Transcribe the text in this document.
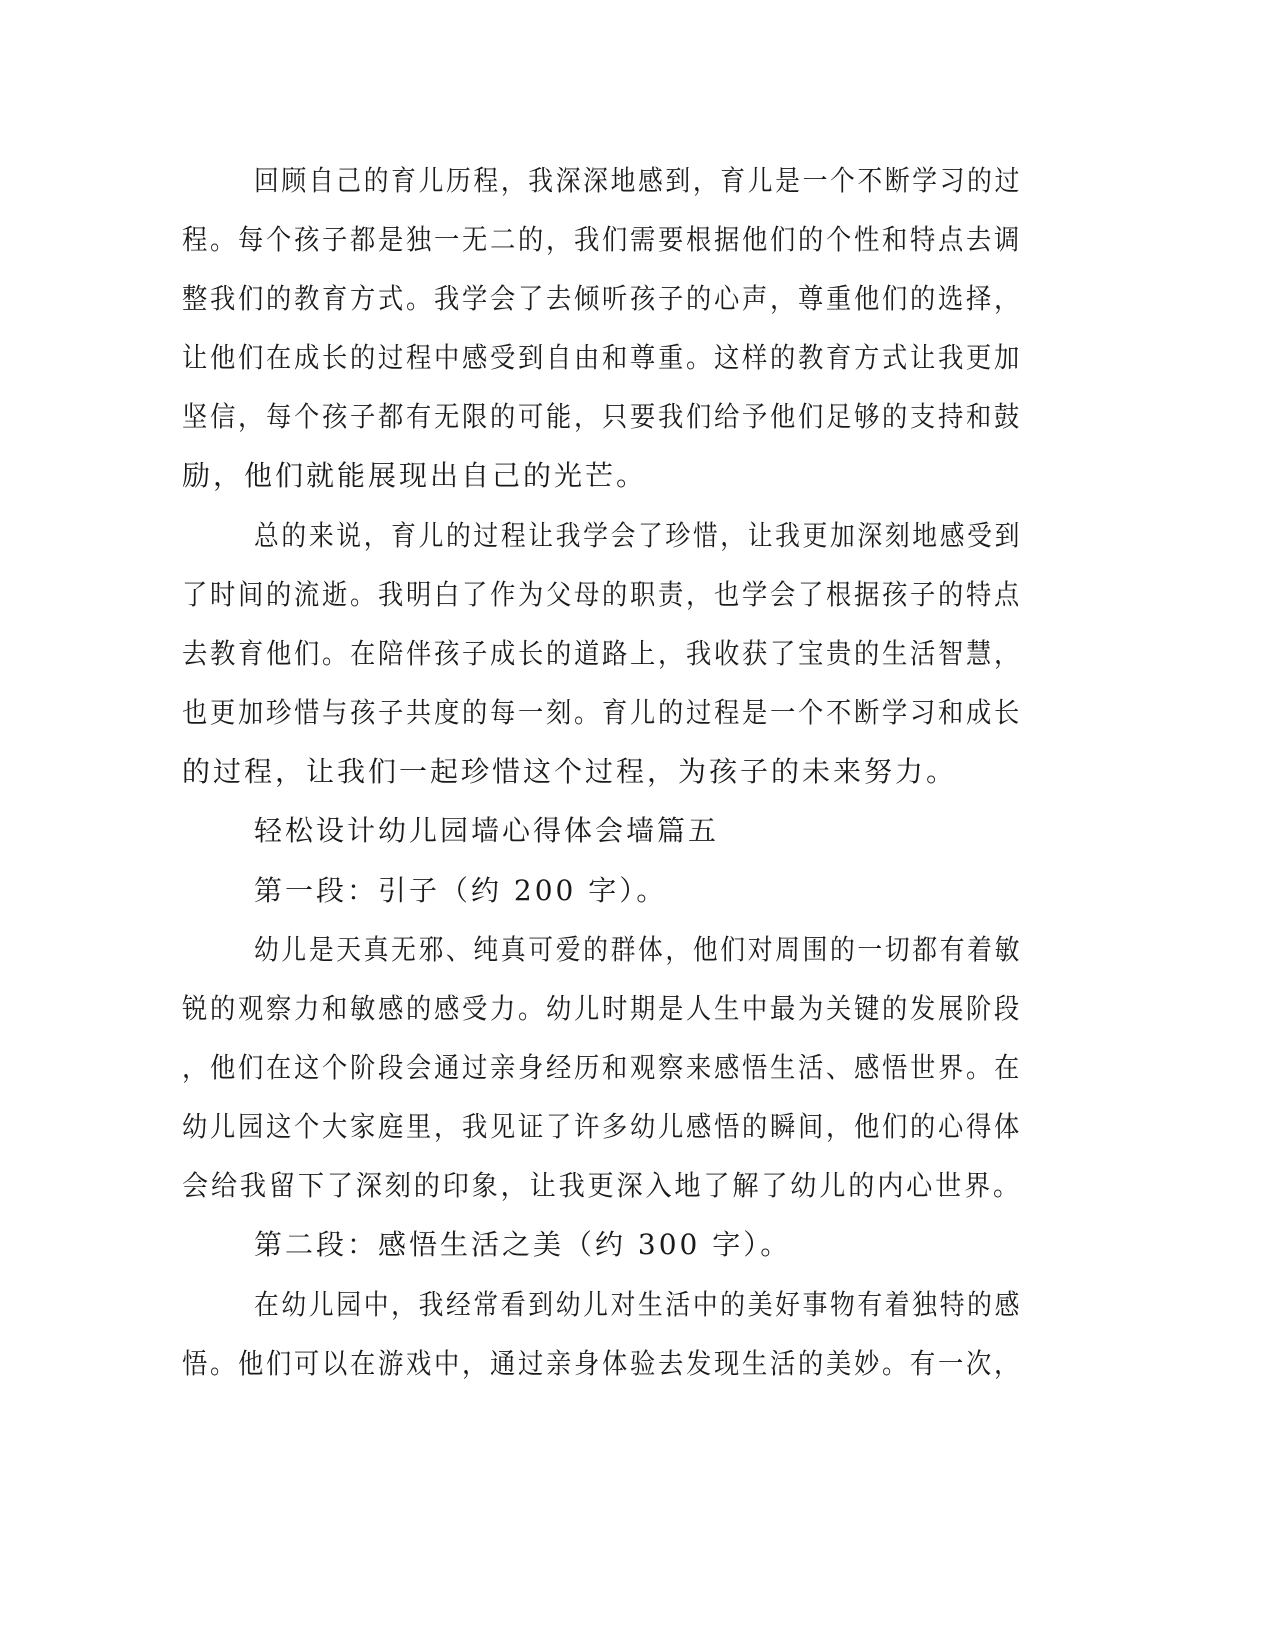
回顾自己的育儿历程，我深深地感到，育儿是一个不断学习的过
程。每个孩子都是独一无二的，我们需要根据他们的个性和特点去调
整我们的教育方式。我学会了去倾听孩子的心声，尊重他们的选择，
让他们在成长的过程中感受到自由和尊重。这样的教育方式让我更加
坚信，每个孩子都有无限的可能，只要我们给予他们足够的支持和鼓
励，他们就能展现出自己的光芒。
总的来说，育儿的过程让我学会了珍惜，让我更加深刻地感受到
了时间的流逝。我明白了作为父母的职责，也学会了根据孩子的特点
去教育他们。在陪伴孩子成长的道路上，我收获了宝贵的生活智慧，
也更加珍惜与孩子共度的每一刻。育儿的过程是一个不断学习和成长
的过程，让我们一起珍惜这个过程，为孩子的未来努力。
轻松设计幼儿园墙心得体会墙篇五
第一段：引子（约 200 字）。
幼儿是天真无邪、纯真可爱的群体，他们对周围的一切都有着敏
锐的观察力和敏感的感受力。幼儿时期是人生中最为关键的发展阶段
，他们在这个阶段会通过亲身经历和观察来感悟生活、感悟世界。在
幼儿园这个大家庭里，我见证了许多幼儿感悟的瞬间，他们的心得体
会给我留下了深刻的印象，让我更深入地了解了幼儿的内心世界。
第二段：感悟生活之美（约 300 字）。
在幼儿园中，我经常看到幼儿对生活中的美好事物有着独特的感
悟。他们可以在游戏中，通过亲身体验去发现生活的美妙。有一次，
